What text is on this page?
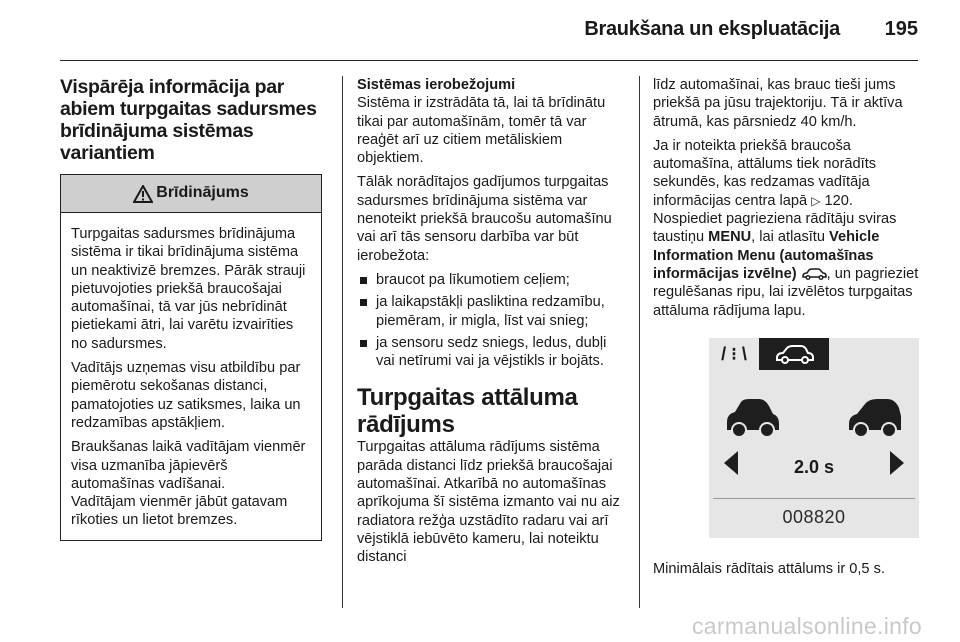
Braukšana un ekspluatācija 195
Vispārēja informācija par abiem turpgaitas sadursmes brīdinājuma sistēmas variantiem
Brīdinājums

Turpgaitas sadursmes brīdinājuma sistēma ir tikai brīdinājuma sistēma un neaktivizē bremzes. Pārāk strauji pietuvojoties priekšā braucošajai automašīnai, tā var jūs nebrīdināt pietiekami ātri, lai varētu izvairīties no sadursmes.

Vadītājs uzņemas visu atbildību par piemērotu sekošanas distanci, pamatojoties uz satiksmes, laika un redzamības apstākļiem.

Braukšanas laikā vadītājam vienmēr visa uzmanība jāpievērš automašīnas vadīšanai.

Vadītājam vienmēr jābūt gatavam rīkoties un lietot bremzes.

Sistēmas ierobežojumi

Sistēma ir izstrādāta tā, lai tā brīdinātu tikai par automašīnām, tomēr tā var reaģēt arī uz citiem metāliskiem objektiem.

Tālāk norādītajos gadījumos turpgaitas sadursmes brīdinājuma sistēma var nenoteikt priekšā braucošu automašīnu vai arī tās sensoru darbība var būt ierobežota:

braucot pa līkumotiem ceļiem;
ja laikapstākļi pasliktina redzamību, piemēram, ir migla, līst vai snieg;
ja sensoru sedz sniegs, ledus, dubļi vai netīrumi vai ja vējstikls ir bojāts.
Turpgaitas attāluma rādījums

Turpgaitas attāluma rādījums sistēma parāda distanci līdz priekšā braucošajai automašīnai. Atkarībā no automašīnas aprīkojuma šī sistēma izmanto vai nu aiz radiatora režģa uzstādīto radaru vai arī vējstiklā iebūvēto kameru, lai noteiktu distanci

līdz automašīnai, kas brauc tieši jums priekšā pa jūsu trajektoriju. Tā ir aktīva ātrumā, kas pārsniedz 40 km/h.

Ja ir noteikta priekšā braucoša automašīna, attālums tiek norādīts sekundēs, kas redzamas vadītāja informācijas centra lapā ▷ 120.

Nospiediet pagrieziena rādītāju sviras taustiņu MENU, lai atlasītu Vehicle Information Menu (automašīnas informācijas izvēlne) , un pagrieziet regulēšanas ripu, lai izvēlētos turpgaitas attāluma rādījuma lapu.

/ ⁝ \
2.0 s
008820

Minimālais rādītais attālums ir 0,5 s.

carmanualsonline.info
